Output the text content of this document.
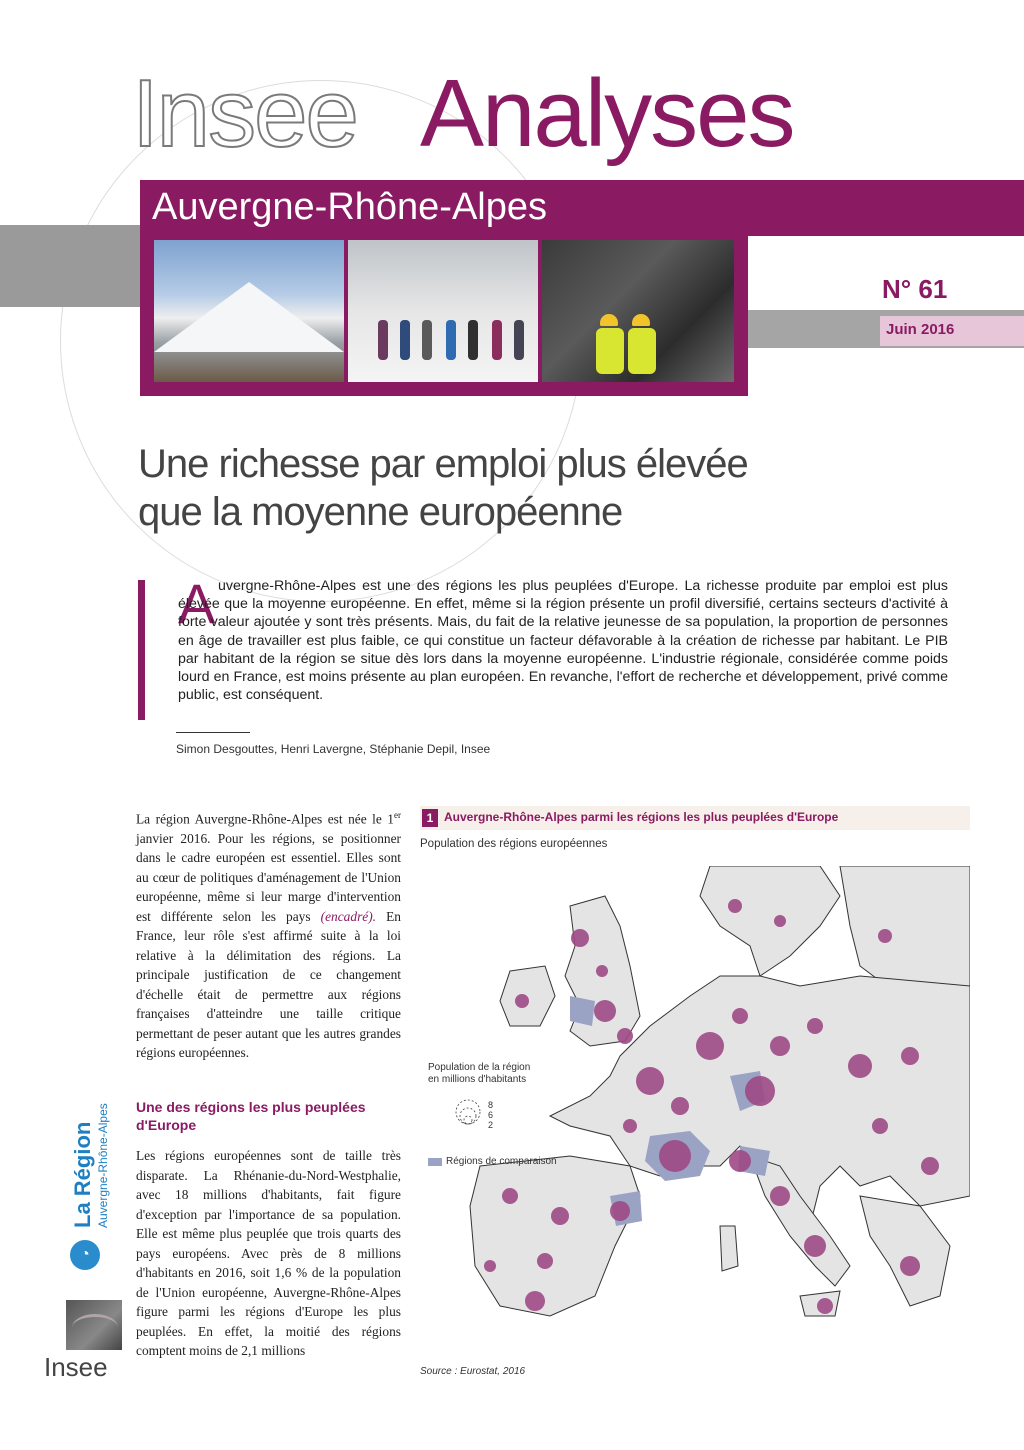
Insee Analyses
Auvergne-Rhône-Alpes
N° 61
Juin 2016
Une richesse par emploi plus élevée
que la moyenne européenne
A uvergne-Rhône-Alpes est une des régions les plus peuplées d'Europe. La richesse produite par emploi est plus élevée que la moyenne européenne. En effet, même si la région présente un profil diversifié, certains secteurs d'activité à forte valeur ajoutée y sont très présents. Mais, du fait de la relative jeunesse de sa population, la proportion de personnes en âge de travailler est plus faible, ce qui constitue un facteur défavorable à la création de richesse par habitant. Le PIB par habitant de la région se situe dès lors dans la moyenne européenne. L'industrie régionale, considérée comme poids lourd en France, est moins présente au plan européen. En revanche, l'effort de recherche et développement, privé comme public, est conséquent.
Simon Desgouttes, Henri Lavergne, Stéphanie Depil, Insee
La région Auvergne-Rhône-Alpes est née le 1er janvier 2016. Pour les régions, se positionner dans le cadre européen est essentiel. Elles sont au cœur de politiques d'aménagement de l'Union européenne, même si leur marge d'intervention est différente selon les pays (encadré). En France, leur rôle s'est affirmé suite à la loi relative à la délimitation des régions. La principale justification de ce changement d'échelle était de permettre aux régions françaises d'atteindre une taille critique permettant de peser autant que les autres grandes régions européennes.
Une des régions les plus peuplées d'Europe
Les régions européennes sont de taille très disparate. La Rhénanie-du-Nord-Westphalie, avec 18 millions d'habitants, fait figure d'exception par l'importance de sa population. Elle est même plus peuplée que trois quarts des pays européens. Avec près de 8 millions d'habitants en 2016, soit 1,6 % de la population de l'Union européenne, Auvergne-Rhône-Alpes figure parmi les régions d'Europe les plus peuplées. En effet, la moitié des régions comptent moins de 2,1 millions
La Région Auvergne-Rhône-Alpes
◔
Insee
1 Auvergne-Rhône-Alpes parmi les régions les plus peuplées d'Europe
Population des régions européennes
Population de la région en millions d'habitants
8
6
2
Régions de comparaison
Source : Eurostat, 2016
